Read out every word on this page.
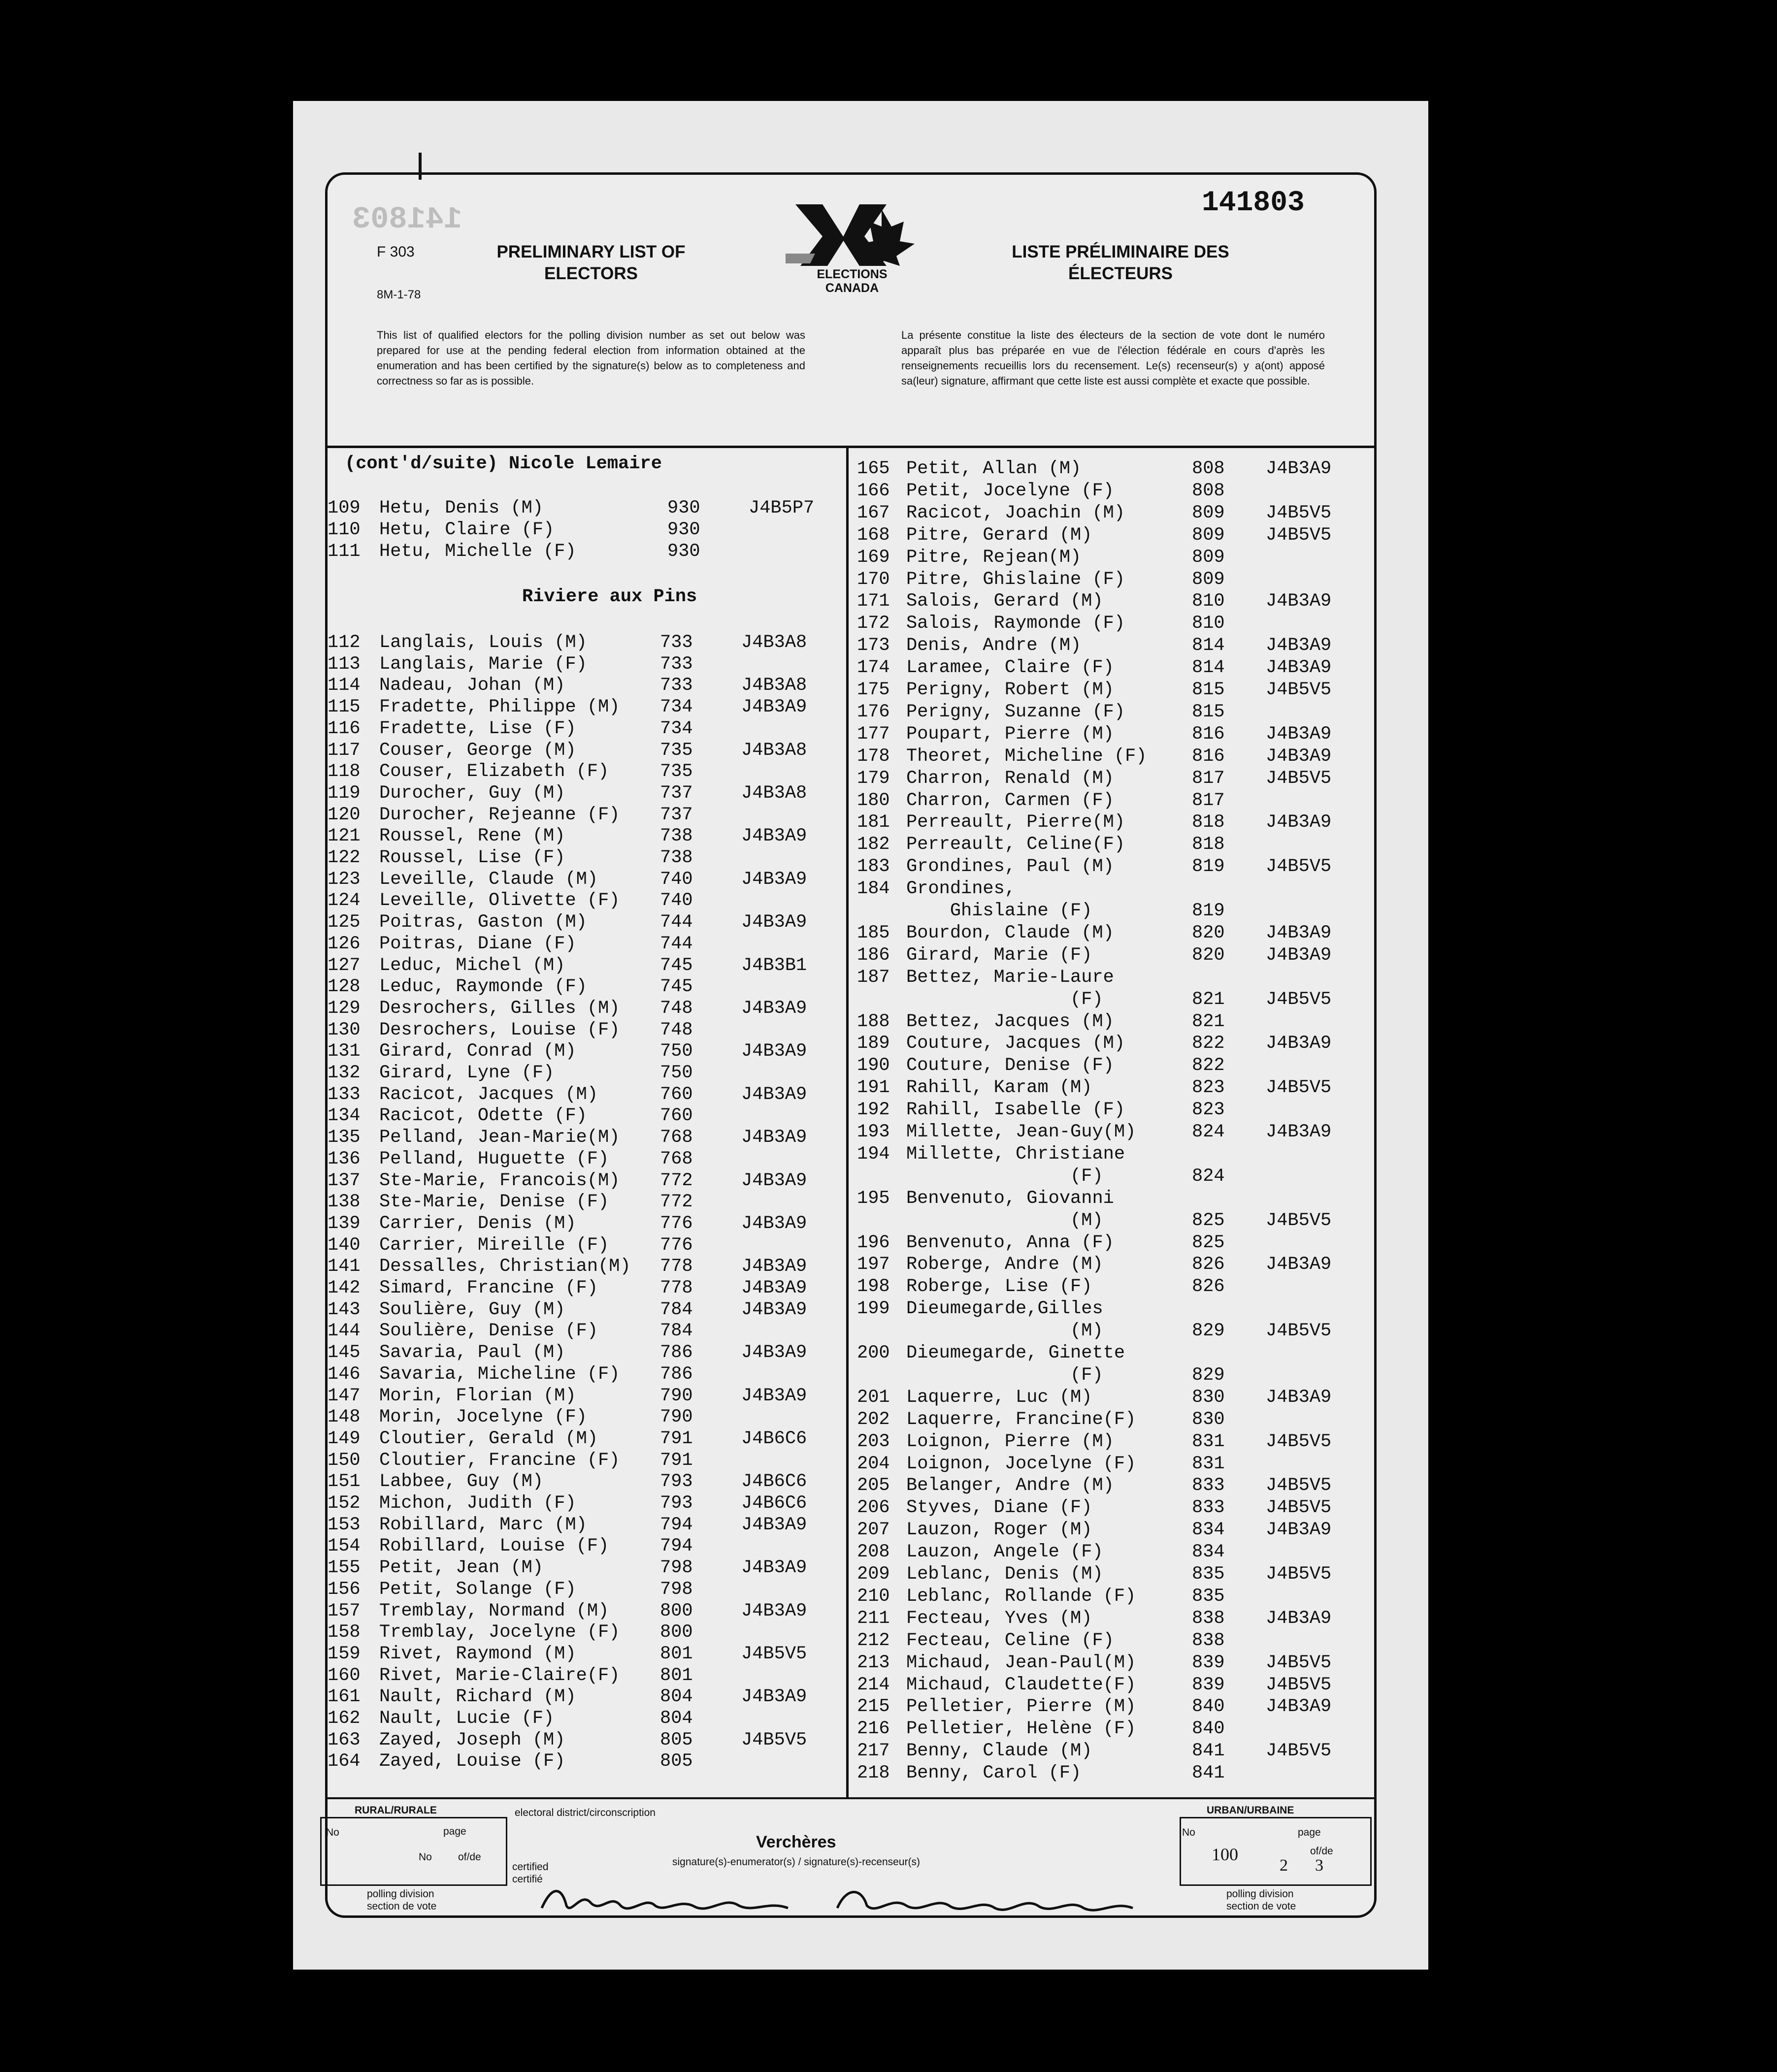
141803	141803
F 303
8M-1-78
PRELIMINARY LIST OF ELECTORS
LISTE PRÉLIMINAIRE DES ÉLECTEURS
ELECTIONS
CANADA
This list of qualified electors for the polling division number as set out below was prepared for use at the pending federal election from information obtained at the enumeration and has been certified by the signature(s) below as to completeness and correctness so far as is possible.
La présente constitue la liste des électeurs de la section de vote dont le numéro apparaît plus bas préparée en vue de l'élection fédérale en cours d'après les renseignements recueillis lors du recensement. Le(s) recenseur(s) y a(ont) apposé sa(leur) signature, affirmant que cette liste est aussi complète et exacte que possible.
(cont'd/suite) Nicole Lemaire
Riviere aux Pins
109 Hetu, Denis (M)	930	J4B5P7
110 Hetu, Claire (F)	930
111 Hetu, Michelle (F)	930
112 Langlais, Louis (M)	733	J4B3A8
113 Langlais, Marie (F)	733
114 Nadeau, Johan (M)	733	J4B3A8
115 Fradette, Philippe (M) 734	J4B3A9
116 Fradette, Lise (F)	734
117 Couser, George (M)	735	J4B3A8
118 Couser, Elizabeth (F)	735
119 Durocher, Guy (M)	737	J4B3A8
120 Durocher, Rejeanne (F) 737
121 Roussel, Rene (M)	738	J4B3A9
122 Roussel, Lise (F)	738
123 Leveille, Claude (M)	740	J4B3A9
124 Leveille, Olivette (F) 740
125 Poitras, Gaston (M)	744	J4B3A9
126 Poitras, Diane (F)	744
127 Leduc, Michel (M)	745	J4B3B1
128 Leduc, Raymonde (F)	745
129 Desrochers, Gilles (M) 748	J4B3A9
130 Desrochers, Louise (F) 748
131 Girard, Conrad (M)	750	J4B3A9
132 Girard, Lyne (F)	750
133 Racicot, Jacques (M)	760	J4B3A9
134 Racicot, Odette (F)	760
135 Pelland, Jean-Marie(M) 768	J4B3A9
136 Pelland, Huguette (F)	768
137 Ste-Marie, Francois(M) 772	J4B3A9
138 Ste-Marie, Denise (F)	772
139 Carrier, Denis (M)	776	J4B3A9
140 Carrier, Mireille (F)	776
141 Dessalles, Christian(M) 778	J4B3A9
142 Simard, Francine (F)	778	J4B3A9
143 Soulière, Guy (M)	784	J4B3A9
144 Soulière, Denise (F)	784
145 Savaria, Paul (M)	786	J4B3A9
146 Savaria, Micheline (F) 786
147 Morin, Florian (M)	790	J4B3A9
148 Morin, Jocelyne (F)	790
149 Cloutier, Gerald (M)	791	J4B6C6
150 Cloutier, Francine (F) 791
151 Labbee, Guy (M)	793	J4B6C6
152 Michon, Judith (F)	793	J4B6C6
153 Robillard, Marc (M)	794	J4B3A9
154 Robillard, Louise (F)	794
155 Petit, Jean (M)	798	J4B3A9
156 Petit, Solange (F)	798
157 Tremblay, Normand (M)	800	J4B3A9
158 Tremblay, Jocelyne (F) 800
159 Rivet, Raymond (M)	801	J4B5V5
160 Rivet, Marie-Claire(F) 801
161 Nault, Richard (M)	804	J4B3A9
162 Nault, Lucie (F)	804
163 Zayed, Joseph (M)	805	J4B5V5
164 Zayed, Louise (F)	805
165 Petit, Allan (M)	808 J4B3A9
166 Petit, Jocelyne (F)	808
167 Racicot, Joachin (M)	809 J4B5V5
168 Pitre, Gerard (M)	809 J4B5V5
169 Pitre, Rejean(M)	809
170 Pitre, Ghislaine (F)	809
171 Salois, Gerard (M)	810 J4B3A9
172 Salois, Raymonde (F)	810
173 Denis, Andre (M)	814 J4B3A9
174 Laramee, Claire (F)	814 J4B3A9
175 Perigny, Robert (M)	815 J4B5V5
176 Perigny, Suzanne (F)	815
177 Poupart, Pierre (M)	816 J4B3A9
178 Theoret, Micheline (F) 816 J4B3A9
179 Charron, Renald (M)	817 J4B5V5
180 Charron, Carmen (F)	817
181 Perreault, Pierre(M)	818 J4B3A9
182 Perreault, Celine(F)	818
183 Grondines, Paul (M)	819 J4B5V5
184 Grondines,
Ghislaine (F)	819
185 Bourdon, Claude (M)	820 J4B3A9
186 Girard, Marie (F)	820 J4B3A9
187 Bettez, Marie-Laure
(F)	821 J4B5V5
188 Bettez, Jacques (M)	821
189 Couture, Jacques (M)	822 J4B3A9
190 Couture, Denise (F)	822
191 Rahill, Karam (M)	823 J4B5V5
192 Rahill, Isabelle (F)	823
193 Millette, Jean-Guy(M)	824 J4B3A9
194 Millette, Christiane
(F)	824
195 Benvenuto, Giovanni
(M)	825 J4B5V5
196 Benvenuto, Anna (F)	825
197 Roberge, Andre (M)	826 J4B3A9
198 Roberge, Lise (F)	826
199 Dieumegarde,Gilles
(M)	829 J4B5V5
200 Dieumegarde, Ginette
(F)	829
201 Laquerre, Luc (M)	830 J4B3A9
202 Laquerre, Francine(F)	830
203 Loignon, Pierre (M)	831 J4B5V5
204 Loignon, Jocelyne (F)	831
205 Belanger, Andre (M)	833 J4B5V5
206 Styves, Diane (F)	833 J4B5V5
207 Lauzon, Roger (M)	834 J4B3A9
208 Lauzon, Angele (F)	834
209 Leblanc, Denis (M)	835 J4B5V5
210 Leblanc, Rollande (F)	835
211 Fecteau, Yves (M)	838 J4B3A9
212 Fecteau, Celine (F)	838
213 Michaud, Jean-Paul(M)	839 J4B5V5
214 Michaud, Claudette(F)	839 J4B5V5
215 Pelletier, Pierre (M)	840 J4B3A9
216 Pelletier, Helène (F)	840
217 Benny, Claude (M)	841 J4B5V5
218 Benny, Carol (F)	841
RURAL/RURALE
No	page
No	of/de
polling division
section de vote
electoral district/circonscription
Verchères
signature(s)-enumerator(s) / signature(s)-recenseur(s)
certified
certifié
URBAN/URBAINE
No
100
page
2
of/de
3
polling division
section de vote
